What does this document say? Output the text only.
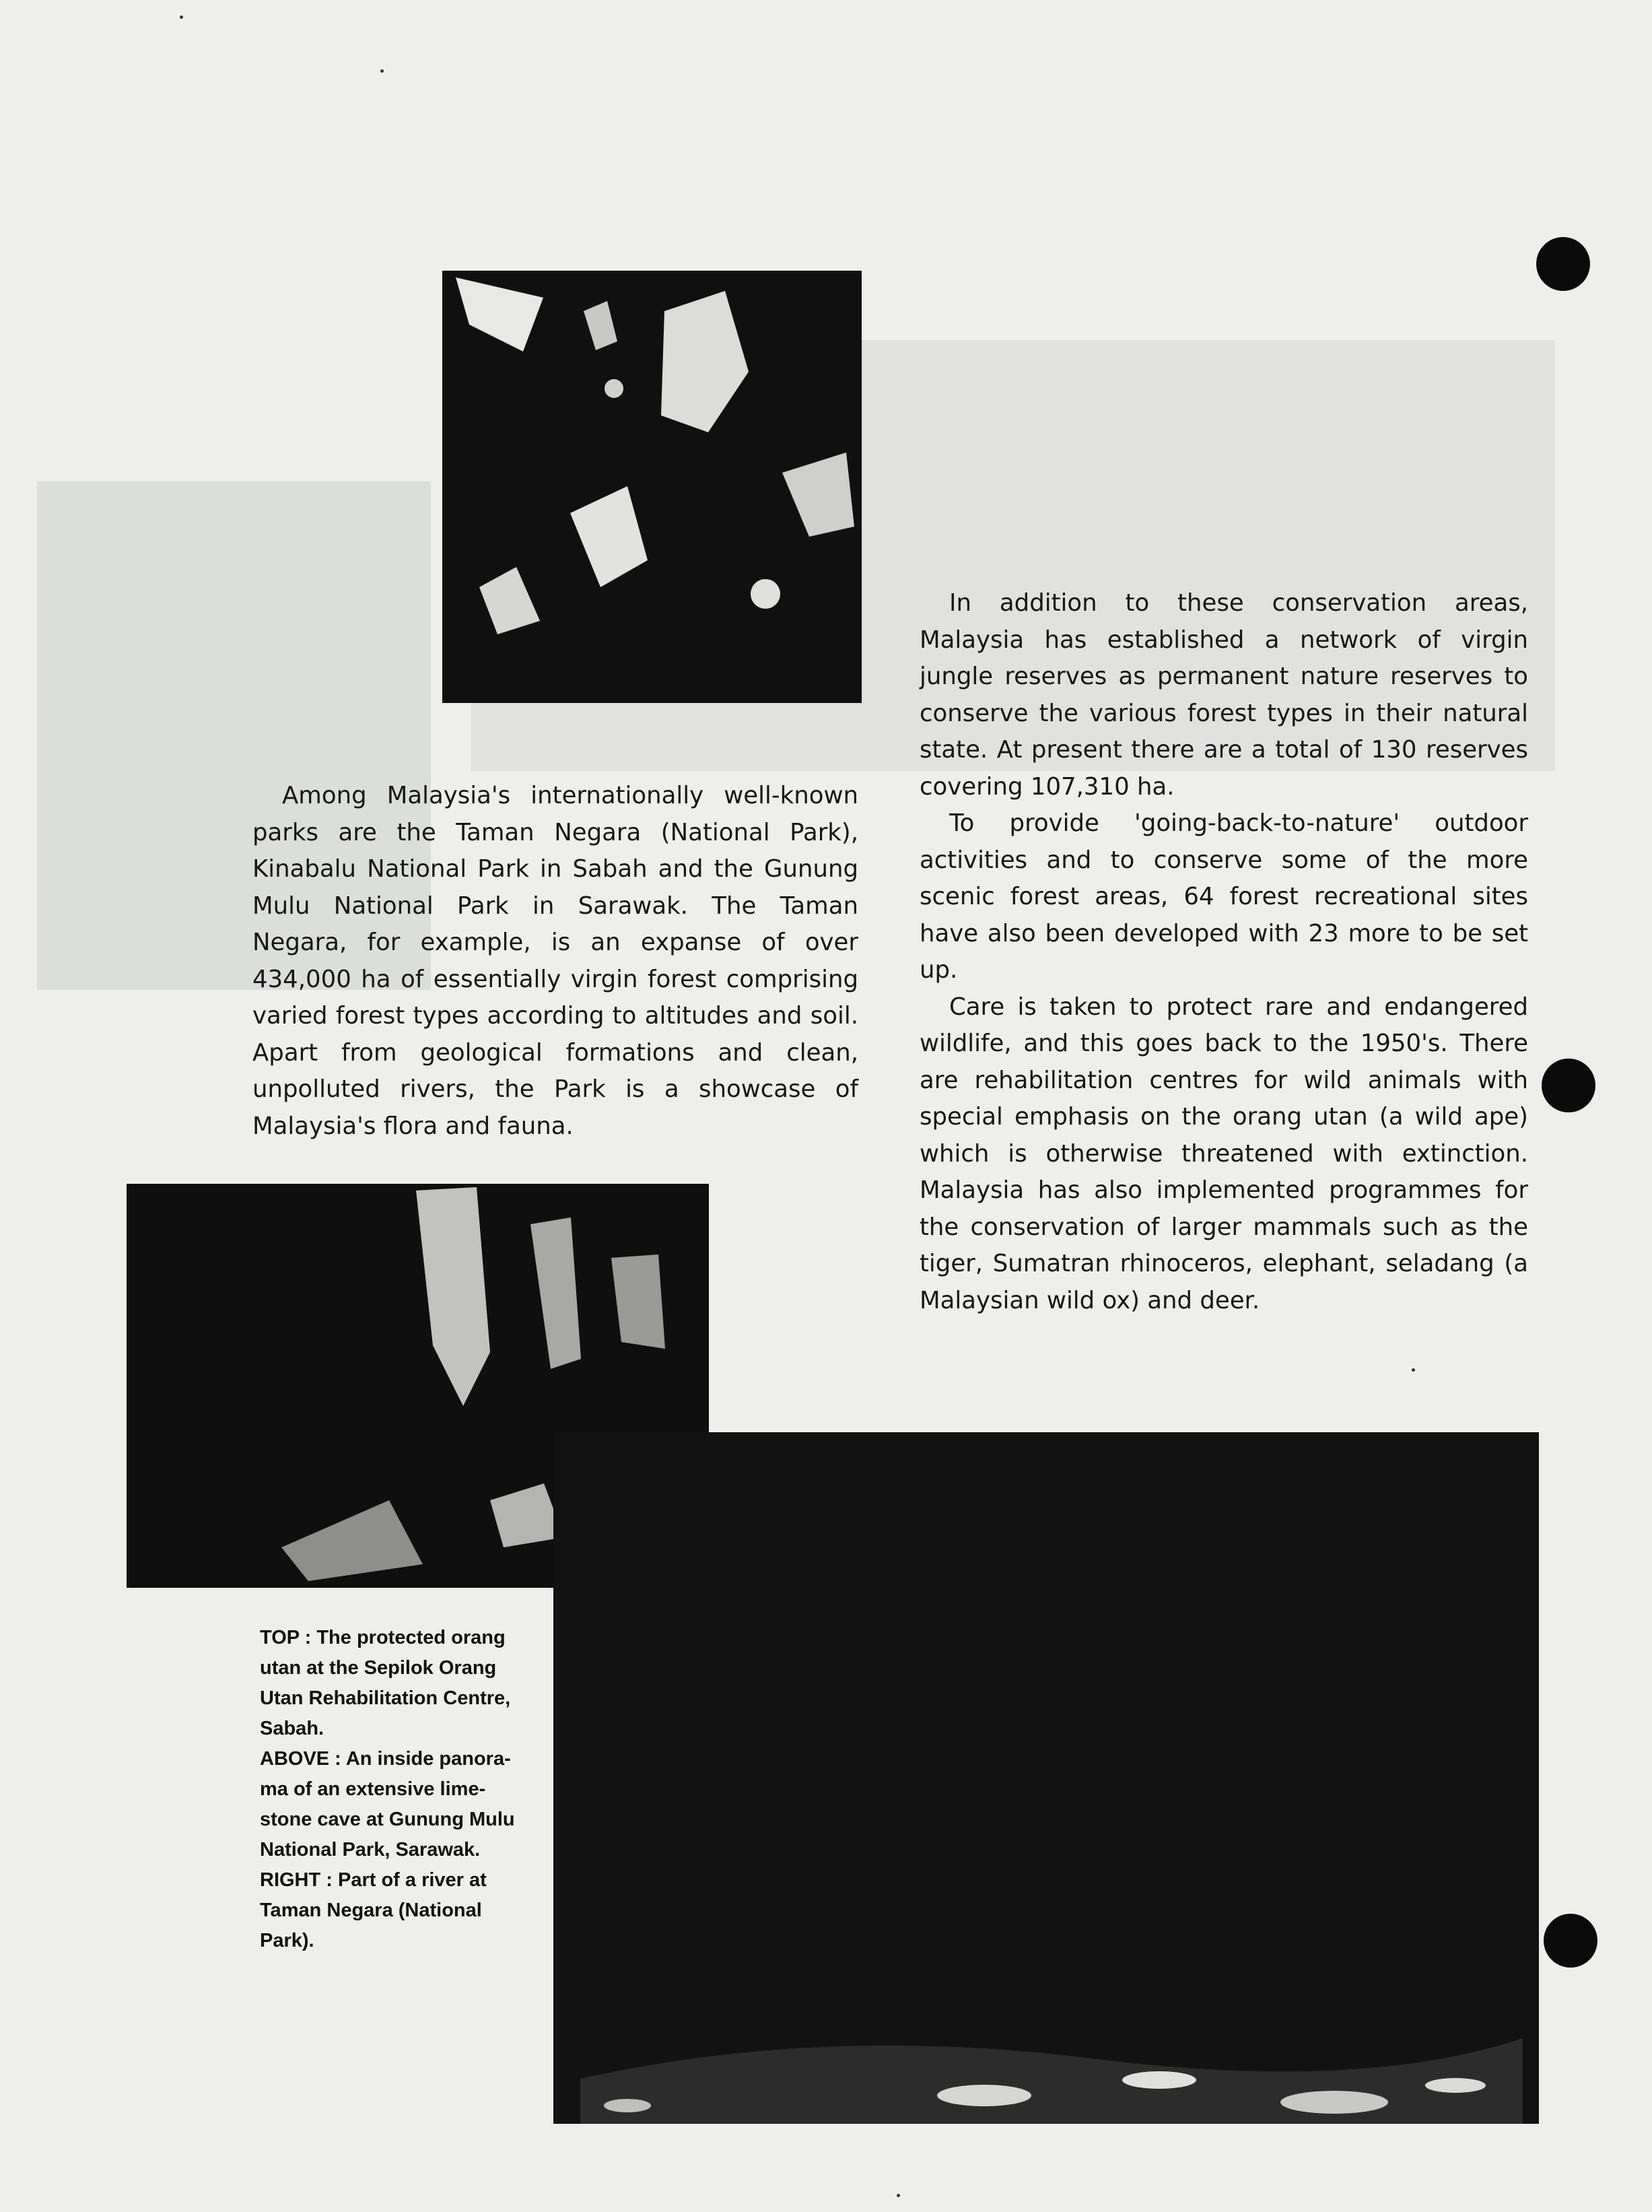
Among Malaysia's internationally well-known parks are the Taman Negara (National Park), Kinabalu National Park in Sabah and the Gunung Mulu National Park in Sarawak. The Taman Negara, for example, is an expanse of over 434,000 ha of essentially virgin forest comprising varied forest types according to altitudes and soil. Apart from geological formations and clean, unpolluted rivers, the Park is a showcase of Malaysia's flora and fauna.

In addition to these conservation areas, Malaysia has established a network of virgin jungle reserves as permanent nature reserves to conserve the various forest types in their natural state. At present there are a total of 130 reserves covering 107,310 ha.

To provide 'going-back-to-nature' outdoor activities and to conserve some of the more scenic forest areas, 64 forest recreational sites have also been developed with 23 more to be set up.

Care is taken to protect rare and endangered wildlife, and this goes back to the 1950's. There are rehabilitation centres for wild animals with special emphasis on the orang utan (a wild ape) which is otherwise threatened with extinction. Malaysia has also implemented programmes for the conservation of larger mammals such as the tiger, Sumatran rhinoceros, elephant, seladang (a Malaysian wild ox) and deer.

TOP : The protected orang
utan at the Sepilok Orang
Utan Rehabilitation Centre,
Sabah.
ABOVE : An inside panora-
ma of an extensive lime-
stone cave at Gunung Mulu
National Park, Sarawak.
RIGHT : Part of a river at
Taman Negara (National
Park).
